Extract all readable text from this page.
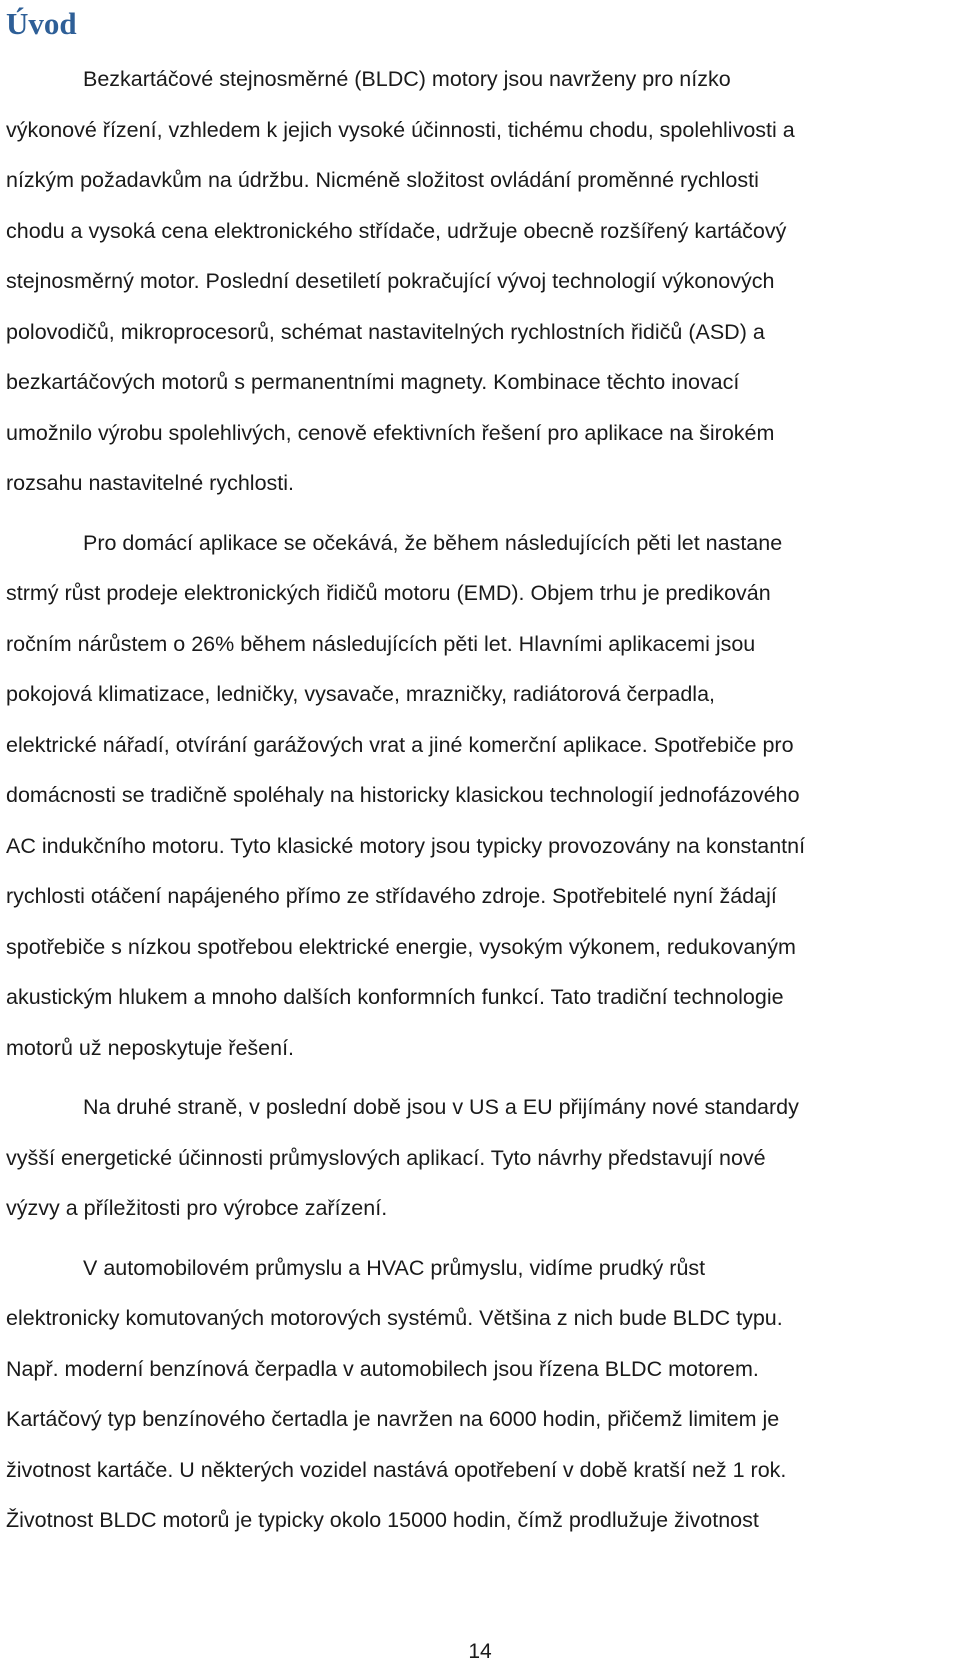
Úvod

Bezkartáčové stejnosměrné (BLDC) motory jsou navrženy pro nízko
výkonové řízení, vzhledem k jejich vysoké účinnosti, tichému chodu, spolehlivosti a
nízkým požadavkům na údržbu. Nicméně složitost ovládání proměnné rychlosti
chodu a vysoká cena elektronického střídače, udržuje obecně rozšířený kartáčový
stejnosměrný motor. Poslední desetiletí pokračující vývoj technologií výkonových
polovodičů, mikroprocesorů, schémat nastavitelných rychlostních řidičů (ASD) a
bezkartáčových motorů s permanentními magnety. Kombinace těchto inovací
umožnilo výrobu spolehlivých, cenově efektivních řešení pro aplikace na širokém
rozsahu nastavitelné rychlosti.

Pro domácí aplikace se očekává, že během následujících pěti let nastane
strmý růst prodeje elektronických řidičů motoru (EMD). Objem trhu je predikován
ročním nárůstem o 26% během následujících pěti let. Hlavními aplikacemi jsou
pokojová klimatizace, ledničky, vysavače, mrazničky, radiátorová čerpadla,
elektrické nářadí, otvírání garážových vrat a jiné komerční aplikace. Spotřebiče pro
domácnosti se tradičně spoléhaly na historicky klasickou technologií jednofázového
AC indukčního motoru. Tyto klasické motory jsou typicky provozovány na konstantní
rychlosti otáčení napájeného přímo ze střídavého zdroje. Spotřebitelé nyní žádají
spotřebiče s nízkou spotřebou elektrické energie, vysokým výkonem, redukovaným
akustickým hlukem a mnoho dalších konformních funkcí. Tato tradiční technologie
motorů už neposkytuje řešení.

Na druhé straně, v poslední době jsou v US a EU přijímány nové standardy
vyšší energetické účinnosti průmyslových aplikací. Tyto návrhy představují nové
výzvy a příležitosti pro výrobce zařízení.

V automobilovém průmyslu a HVAC průmyslu, vidíme prudký růst
elektronicky komutovaných motorových systémů. Většina z nich bude BLDC typu.
Např. moderní benzínová čerpadla v automobilech jsou řízena BLDC motorem.
Kartáčový typ benzínového čertadla je navržen na 6000 hodin, přičemž limitem je
životnost kartáče. U některých vozidel nastává opotřebení v době kratší než 1 rok.
Životnost BLDC motorů je typicky okolo 15000 hodin, čímž prodlužuje životnost

14
